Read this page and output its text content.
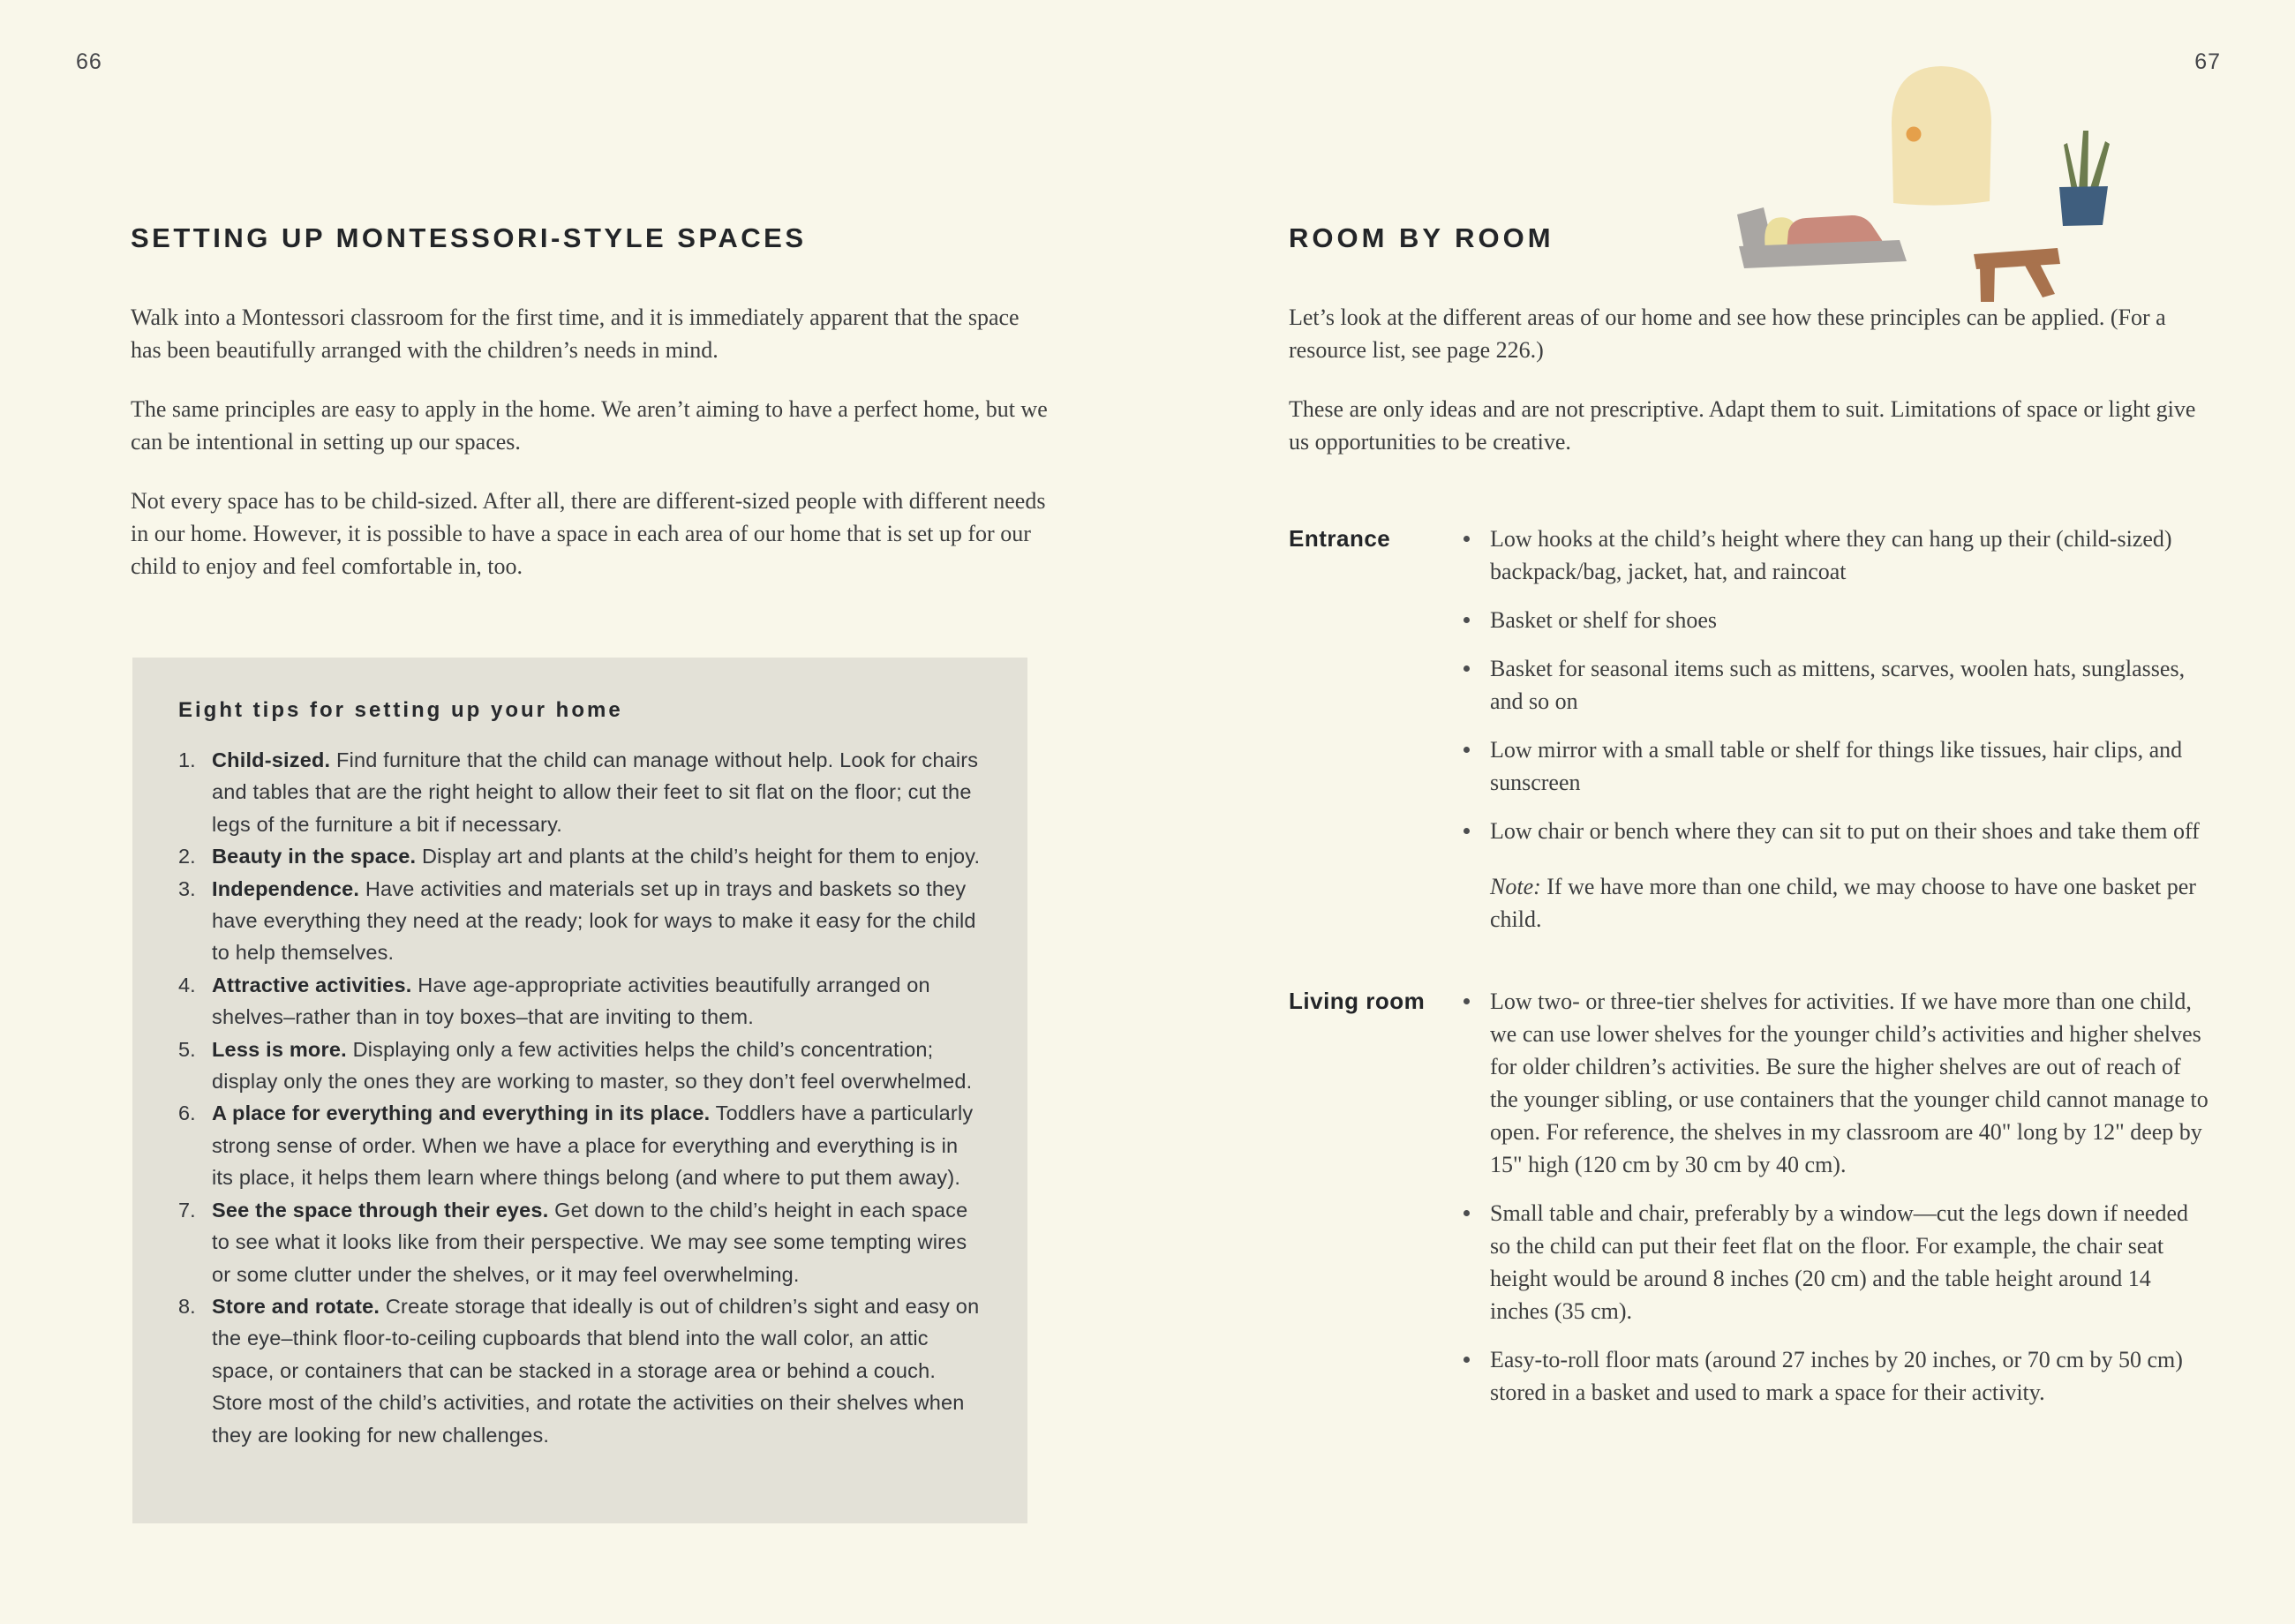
66	67
SETTING UP MONTESSORI-STYLE SPACES

Walk into a Montessori classroom for the first time, and it is immediately apparent that the space has been beautifully arranged with the children’s needs in mind.

The same principles are easy to apply in the home. We aren’t aiming to have a perfect home, but we can be intentional in setting up our spaces.

Not every space has to be child-sized. After all, there are different-sized people with different needs in our home. However, it is possible to have a space in each area of our home that is set up for our child to enjoy and feel comfortable in, too.

Eight tips for setting up your home
1. Child-sized. Find furniture that the child can manage without help. Look for chairs and tables that are the right height to allow their feet to sit flat on the floor; cut the legs of the furniture a bit if necessary.
2. Beauty in the space. Display art and plants at the child’s height for them to enjoy.
3. Independence. Have activities and materials set up in trays and baskets so they have everything they need at the ready; look for ways to make it easy for the child to help themselves.
4. Attractive activities. Have age-appropriate activities beautifully arranged on shelves–rather than in toy boxes–that are inviting to them.
5. Less is more. Displaying only a few activities helps the child’s concentration; display only the ones they are working to master, so they don’t feel overwhelmed.
6. A place for everything and everything in its place. Toddlers have a particularly strong sense of order. When we have a place for everything and everything is in its place, it helps them learn where things belong (and where to put them away).
7. See the space through their eyes. Get down to the child’s height in each space to see what it looks like from their perspective. We may see some tempting wires or some clutter under the shelves, or it may feel overwhelming.
8. Store and rotate. Create storage that ideally is out of children’s sight and easy on the eye–think floor-to-ceiling cupboards that blend into the wall color, an attic space, or containers that can be stacked in a storage area or behind a couch. Store most of the child’s activities, and rotate the activities on their shelves when they are looking for new challenges.
ROOM BY ROOM

Let’s look at the different areas of our home and see how these principles can be applied. (For a resource list, see page 226.)

These are only ideas and are not prescriptive. Adapt them to suit. Limitations of space or light give us opportunities to be creative.

Entrance	Low hooks at the child’s height where they can hang up their (child-sized) backpack/bag, jacket, hat, and raincoat
Basket or shelf for shoes
Basket for seasonal items such as mittens, scarves, woolen hats, sunglasses, and so on
Low mirror with a small table or shelf for things like tissues, hair clips, and sunscreen
Low chair or bench where they can sit to put on their shoes and take them off

Note: If we have more than one child, we may choose to have one basket per child.

Living room	Low two- or three-tier shelves for activities. If we have more than one child, we can use lower shelves for the younger child’s activities and higher shelves for older children’s activities. Be sure the higher shelves are out of reach of the younger sibling, or use containers that the younger child cannot manage to open. For reference, the shelves in my classroom are 40" long by 12" deep by 15" high (120 cm by 30 cm by 40 cm).
Small table and chair, preferably by a window—cut the legs down if needed so the child can put their feet flat on the floor. For example, the chair seat height would be around 8 inches (20 cm) and the table height around 14 inches (35 cm).
Easy-to-roll floor mats (around 27 inches by 20 inches, or 70 cm by 50 cm) stored in a basket and used to mark a space for their activity.
